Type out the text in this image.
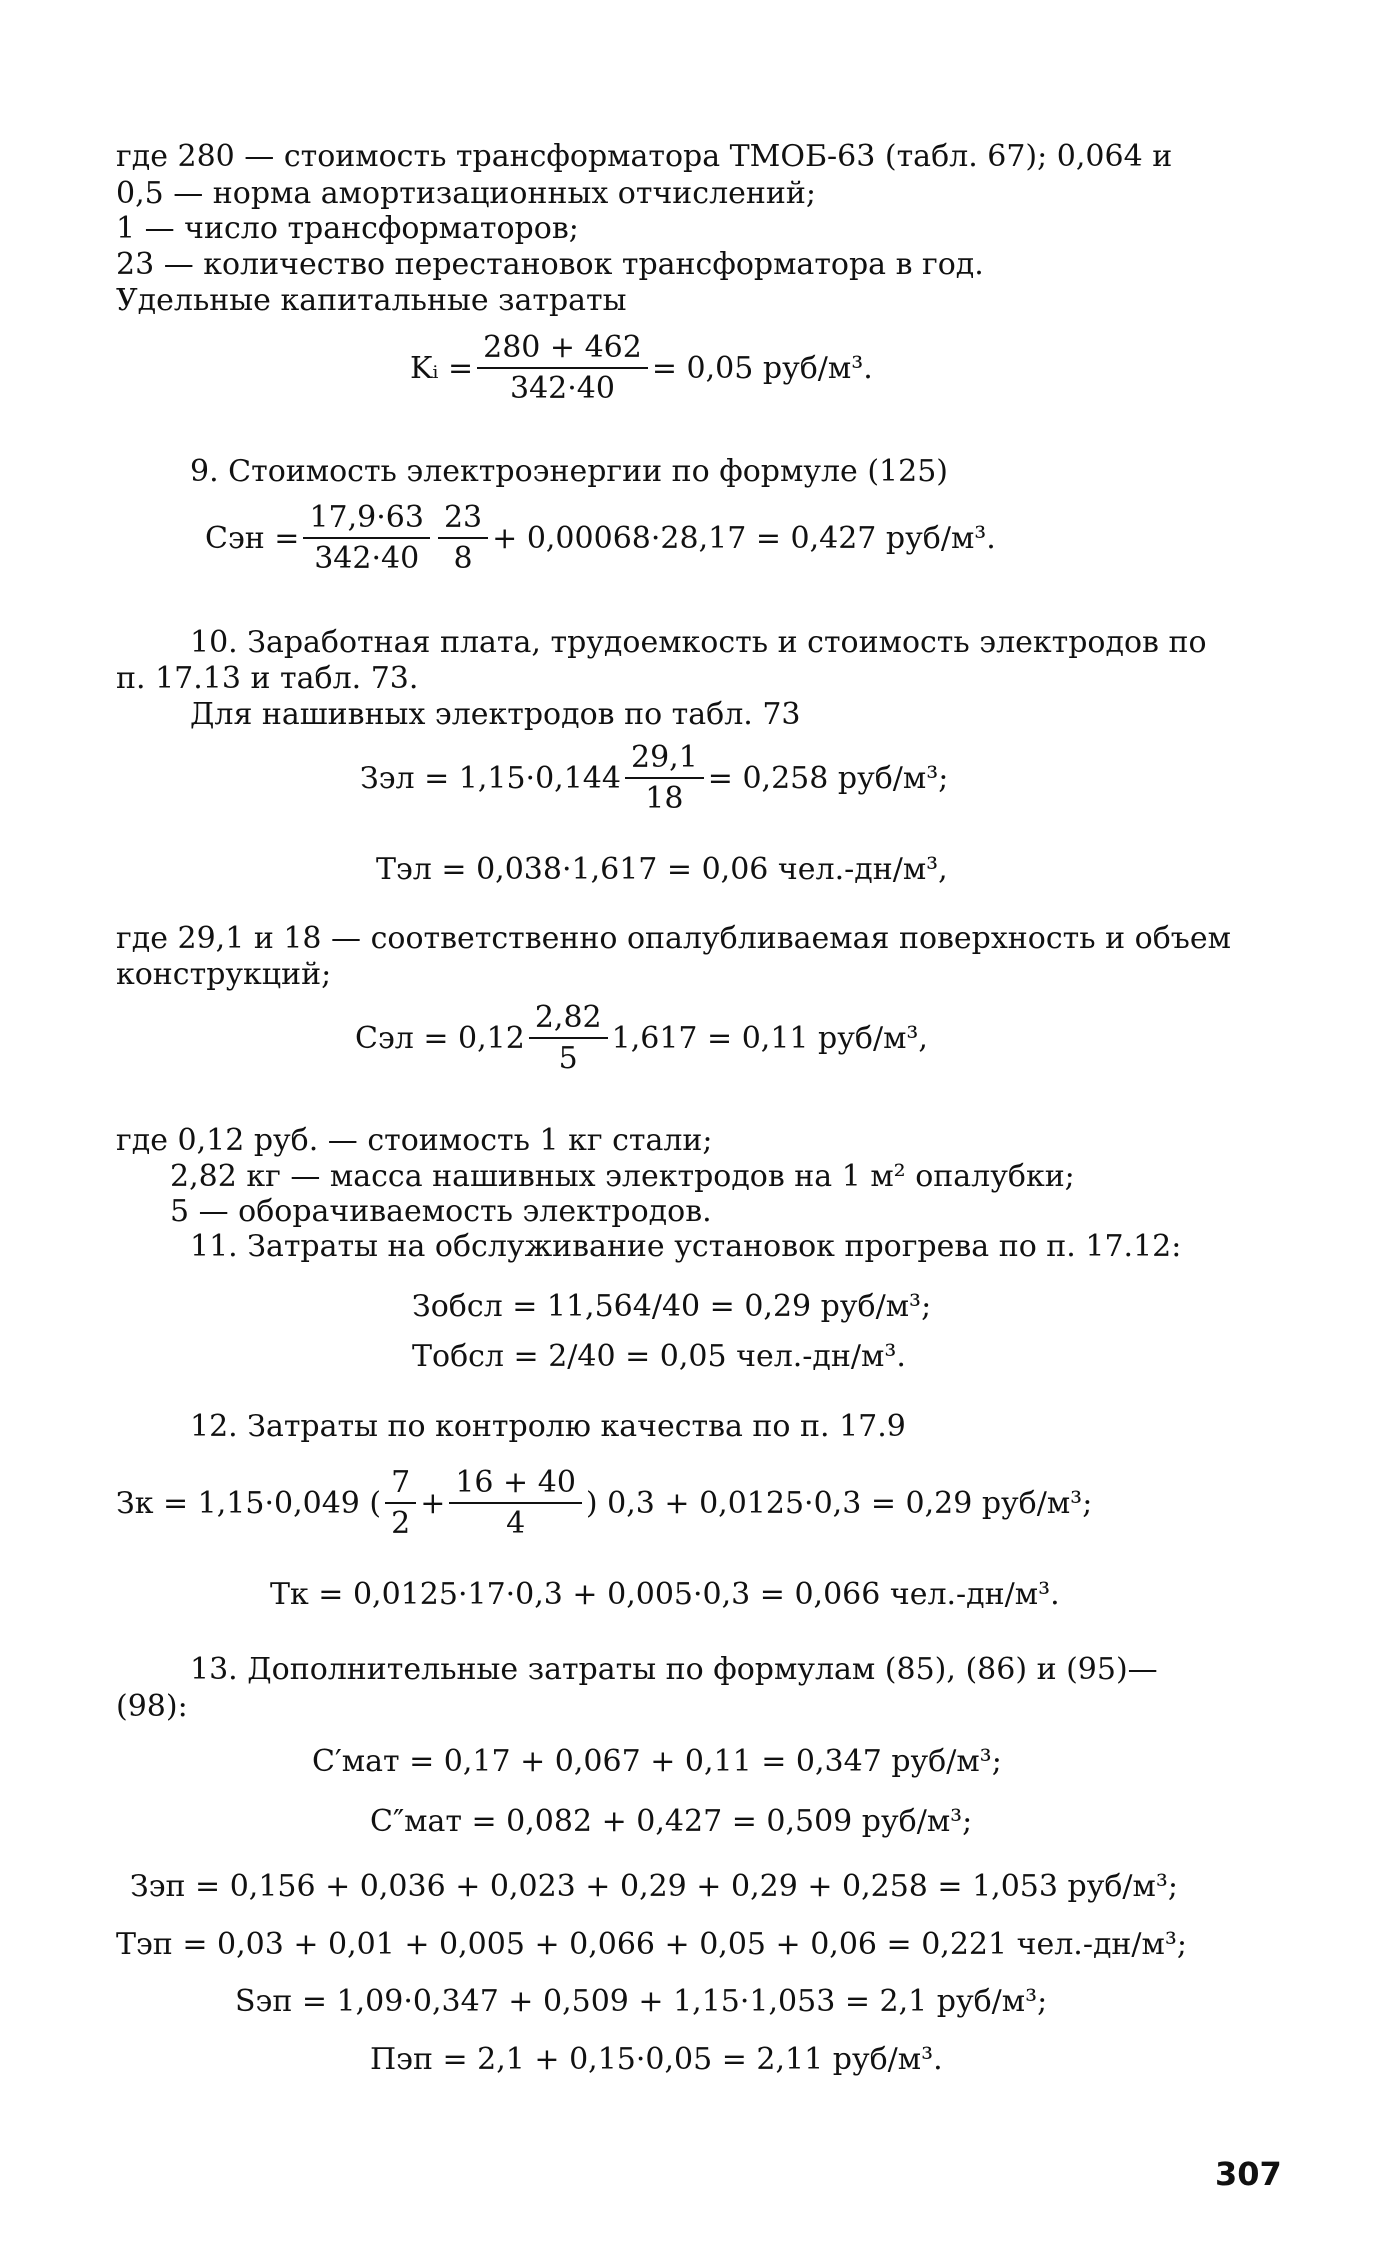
где 280 — стоимость трансформатора ТМОБ-63 (табл. 67); 0,064 и
0,5 — норма амортизационных отчислений;
1 — число трансформаторов;
23 — количество перестановок трансформатора в год.
Удельные капитальные затраты
Kᵢ = $\frac{280 + 462}{342\cdot 40} = 0,05$ руб/м³.
9. Стоимость электроэнергии по формуле (125)
Cэн = $\frac{17,9\cdot 63}{342\cdot 40} \frac{23}{8} + 0,00068\cdot 28,17 = 0,427$ руб/м³.
10. Заработная плата, трудоемкость и стоимость электродов по
п. 17.13 и табл. 73.
Для нашивных электродов по табл. 73
Зэл = $1,15\cdot 0,144 \frac{29,1}{18} = 0,258$ руб/м³;
Tэл = 0,038·1,617 = 0,06 чел.-дн/м³,
где 29,1 и 18 — соответственно опалубливаемая поверхность и объем
конструкций;
Cэл = $0,12 \frac{2,82}{5} 1,617 = 0,11$ руб/м³,
где 0,12 руб. — стоимость 1 кг стали;
2,82 кг — масса нашивных электродов на 1 м² опалубки;
5 — оборачиваемость электродов.
11. Затраты на обслуживание установок прогрева по п. 17.12:
Зобсл = 11,564/40 = 0,29 руб/м³;
Tобсл = 2/40 = 0,05 чел.-дн/м³.
12. Затраты по контролю качества по п. 17.9
Зк = 1,15·0,049 ( $\frac{7}{2} + \frac{16 + 40}{4}$ ) 0,3 + 0,0125·0,3 = 0,29 руб/м³;
Tк = 0,0125·17·0,3 + 0,005·0,3 = 0,066 чел.-дн/м³.
13. Дополнительные затраты по формулам (85), (86) и (95)—
(98):
C′мат = 0,17 + 0,067 + 0,11 = 0,347 руб/м³;
C″мат = 0,082 + 0,427 = 0,509 руб/м³;
Зэп = 0,156 + 0,036 + 0,023 + 0,29 + 0,29 + 0,258 = 1,053 руб/м³;
Tэп = 0,03 + 0,01 + 0,005 + 0,066 + 0,05 + 0,06 = 0,221 чел.-дн/м³;
Sэп = 1,09·0,347 + 0,509 + 1,15·1,053 = 2,1 руб/м³;
Пэп = 2,1 + 0,15·0,05 = 2,11 руб/м³.
307
